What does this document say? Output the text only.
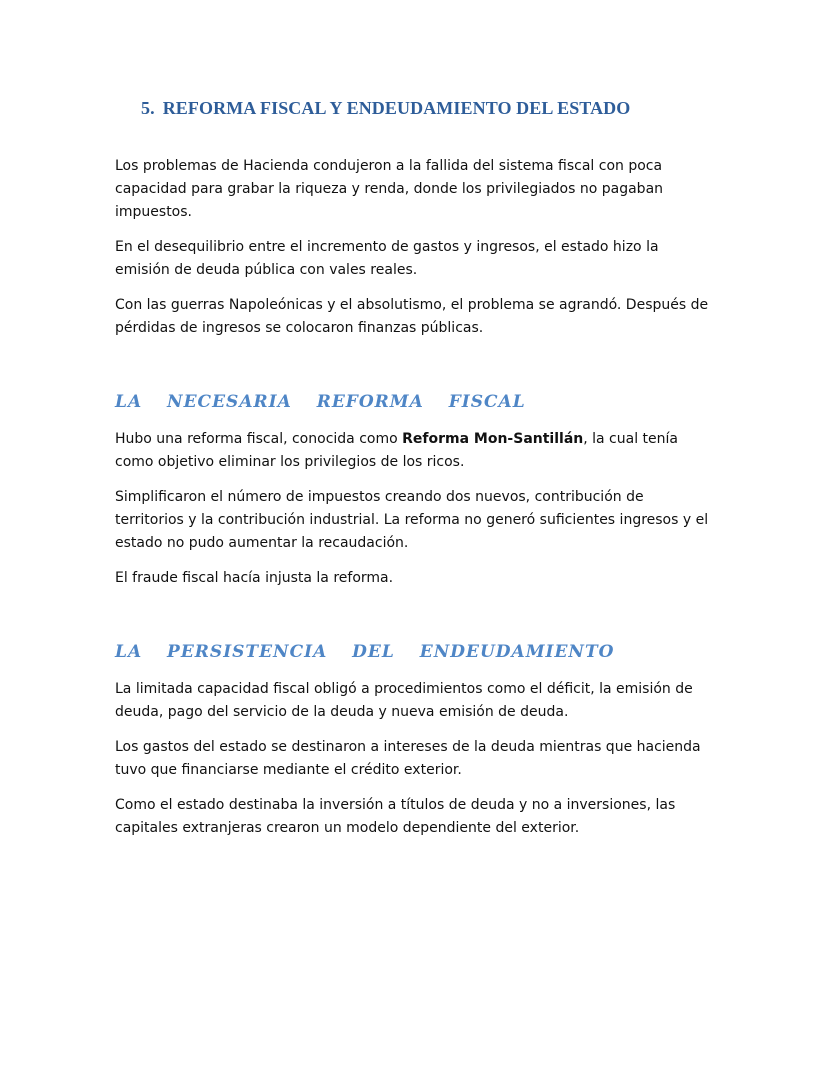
5. REFORMA FISCAL Y ENDEUDAMIENTO DEL ESTADO

Los problemas de Hacienda condujeron a la fallida del sistema fiscal con poca capacidad para grabar la riqueza y renda, donde los privilegiados no pagaban impuestos.

En el desequilibrio entre el incremento de gastos y ingresos, el estado hizo la emisión de deuda pública con vales reales.

Con las guerras Napoleónicas y el absolutismo, el problema se agrandó. Después de pérdidas de ingresos se colocaron finanzas públicas.

LA NECESARIA REFORMA FISCAL

Hubo una reforma fiscal, conocida como Reforma Mon-Santillán, la cual tenía como objetivo eliminar los privilegios de los ricos.

Simplificaron el número de impuestos creando dos nuevos, contribución de territorios y la contribución industrial. La reforma no generó suficientes ingresos y el estado no pudo aumentar la recaudación.

El fraude fiscal hacía injusta la reforma.

LA PERSISTENCIA DEL ENDEUDAMIENTO

La limitada capacidad fiscal obligó a procedimientos como el déficit, la emisión de deuda, pago del servicio de la deuda y nueva emisión de deuda.

Los gastos del estado se destinaron a intereses de la deuda mientras que hacienda tuvo que financiarse mediante el crédito exterior.

Como el estado destinaba la inversión a títulos de deuda y no a inversiones, las capitales extranjeras crearon un modelo dependiente del exterior.
